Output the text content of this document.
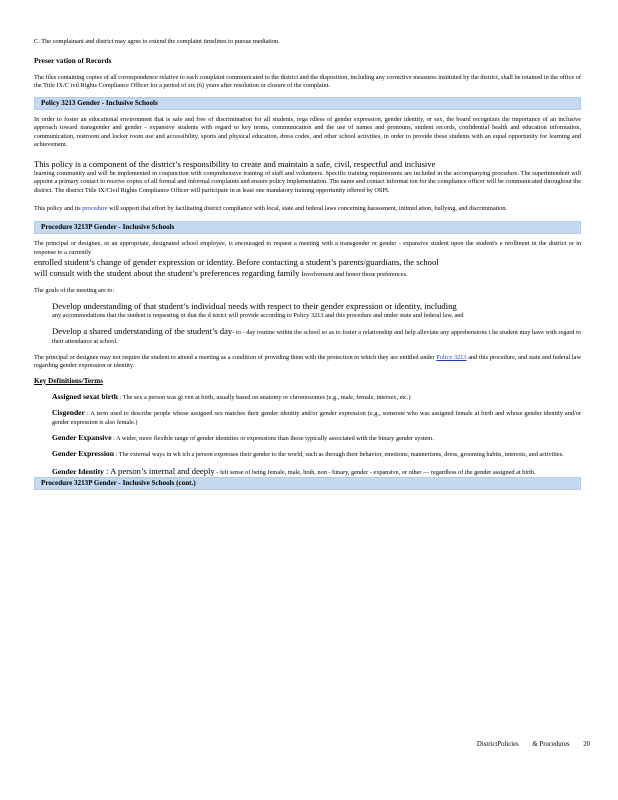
C. The complainant and district may agree to extend the complaint timelines to pursue mediation.

Preser vation of Records

The files containing copies of all correspondence relative to each complaint communicated to the district and the disposition, including any corrective measures instituted by the district, shall be retained in the office of the Title IX/C ivil Rights Compliance Officer for a period of six (6) years after resolution or closure of the complaint.

Policy 3213 Gender - Inclusive Schools

In order to foster an educational environment that is safe and free of discrimination for all students, rega rdless of gender expression, gender identity, or sex, the board recognizes the importance of an inclusive approach toward transgender and gender - expansive students with regard to key terms, communication and the use of names and pronouns, student records, confidential health and education information, communication, restroom and locker room use and accessibility, sports and physical education, dress codes, and other school activities, in order to provide these students with an equal opportunity for learning and achievement.

This policy is a component of the district’s responsibility to create and maintain a safe, civil, respectful and inclusive

learning community and will be implemented in conjunction with comprehensive training of staff and volunteers. Specific training requirements are included in the accompanying procedure. The superintendent will appoint a primary contact to receive copies of all formal and informal complaints and ensure policy implementation. The name and contact informat ion for the compliance officer will be communicated throughout the district. The district Title IX/Civil Rights Compliance Officer will participate in at least one mandatory training opportunity offered by OSPI.

This policy and its procedure will support that effort by facilitating district compliance with local, state and federal laws concerning harassment, intimid ation, bullying, and discrimination.

Procedure 3213P Gender - Inclusive Schools

The principal or designee, or an appropriate, designated school employee, is encouraged to request a meeting with a transgender or gender - expansive student upon the student's e nrollment in the district or in response to a currently

enrolled student’s change of gender expression or identity. Before contacting a student’s parents/guardians, the school

will consult with the student about the student’s preferences regarding family involvement and honor those preferences.

The goals of the meeting are to:

Develop understanding of that student’s individual needs with respect to their gender expression or identity, including

any accommodations that the student is requesting or that the d istrict will provide according to Policy 3213 and this procedure and under state and federal law, and

Develop a shared understanding of the student’s day- to - day routine within the school so as to foster a relationship and help alleviate any apprehensions t he student may have with regard to their attendance at school.

The principal or designee may not require the student to attend a meeting as a condition of providing them with the protection to which they are entitled under Policy 3213 and this procedure, and state and federal law regarding gender expression or identity.

Key Definitions/Terms

Assigned sexat birth : The sex a person was gi ven at birth, usually based on anatomy or chromosomes (e.g., male, female, intersex, etc.)

Cisgender : A term used to describe people whose assigned sex matches their gender identity and/or gender expression (e.g., someone who was assigned female at birth and whose gender identity and/or gender expression is also female.)

Gender Expansive : A wider, more flexible range of gender identities or expressions than those typically associated with the binary gender system.

Gender Expression : The external ways in wh ich a person expresses their gender to the world, such as through their behavior, emotions, mannerisms, dress, grooming habits, interests, and activities.

Gender Identity : A person’s internal and deeply - felt sense of being female, male, both, non - binary, gender - expansive, or other — regardless of the gender assigned at birth.

Procedure 3213P Gender - Inclusive Schools (cont.)
DistrictPolicies & Procedures 20
